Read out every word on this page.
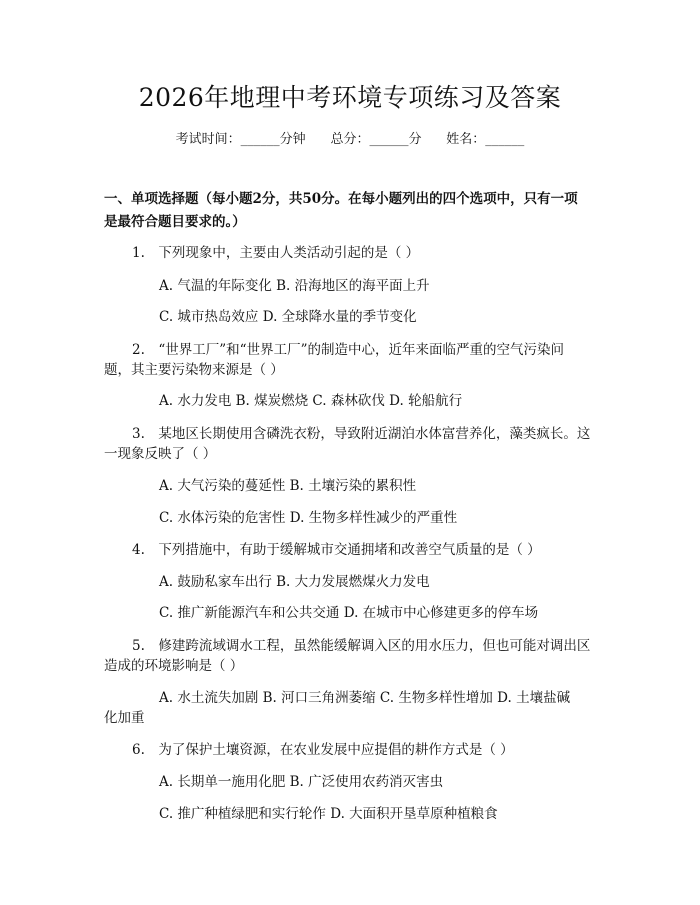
2026年地理中考环境专项练习及答案
考试时间：______分钟 总分：______分 姓名：______
一、单项选择题（每小题2分，共50分。在每小题列出的四个选项中，只有一项
是最符合题目要求的。）
1.　下列现象中，主要由人类活动引起的是（ ）
A. 气温的年际变化 B. 沿海地区的海平面上升
C. 城市热岛效应 D. 全球降水量的季节变化
2.　“世界工厂”和“世界工厂”的制造中心，近年来面临严重的空气污染问
题，其主要污染物来源是（ ）
A. 水力发电 B. 煤炭燃烧 C. 森林砍伐 D. 轮船航行
3.　某地区长期使用含磷洗衣粉，导致附近湖泊水体富营养化，藻类疯长。这
一现象反映了（ ）
A. 大气污染的蔓延性 B. 土壤污染的累积性
C. 水体污染的危害性 D. 生物多样性减少的严重性
4.　下列措施中，有助于缓解城市交通拥堵和改善空气质量的是（ ）
A. 鼓励私家车出行 B. 大力发展燃煤火力发电
C. 推广新能源汽车和公共交通 D. 在城市中心修建更多的停车场
5.　修建跨流域调水工程，虽然能缓解调入区的用水压力，但也可能对调出区
造成的环境影响是（ ）
A. 水土流失加剧 B. 河口三角洲萎缩 C. 生物多样性增加 D. 土壤盐碱
化加重
6.　为了保护土壤资源，在农业发展中应提倡的耕作方式是（ ）
A. 长期单一施用化肥 B. 广泛使用农药消灭害虫
C. 推广种植绿肥和实行轮作 D. 大面积开垦草原种植粮食
